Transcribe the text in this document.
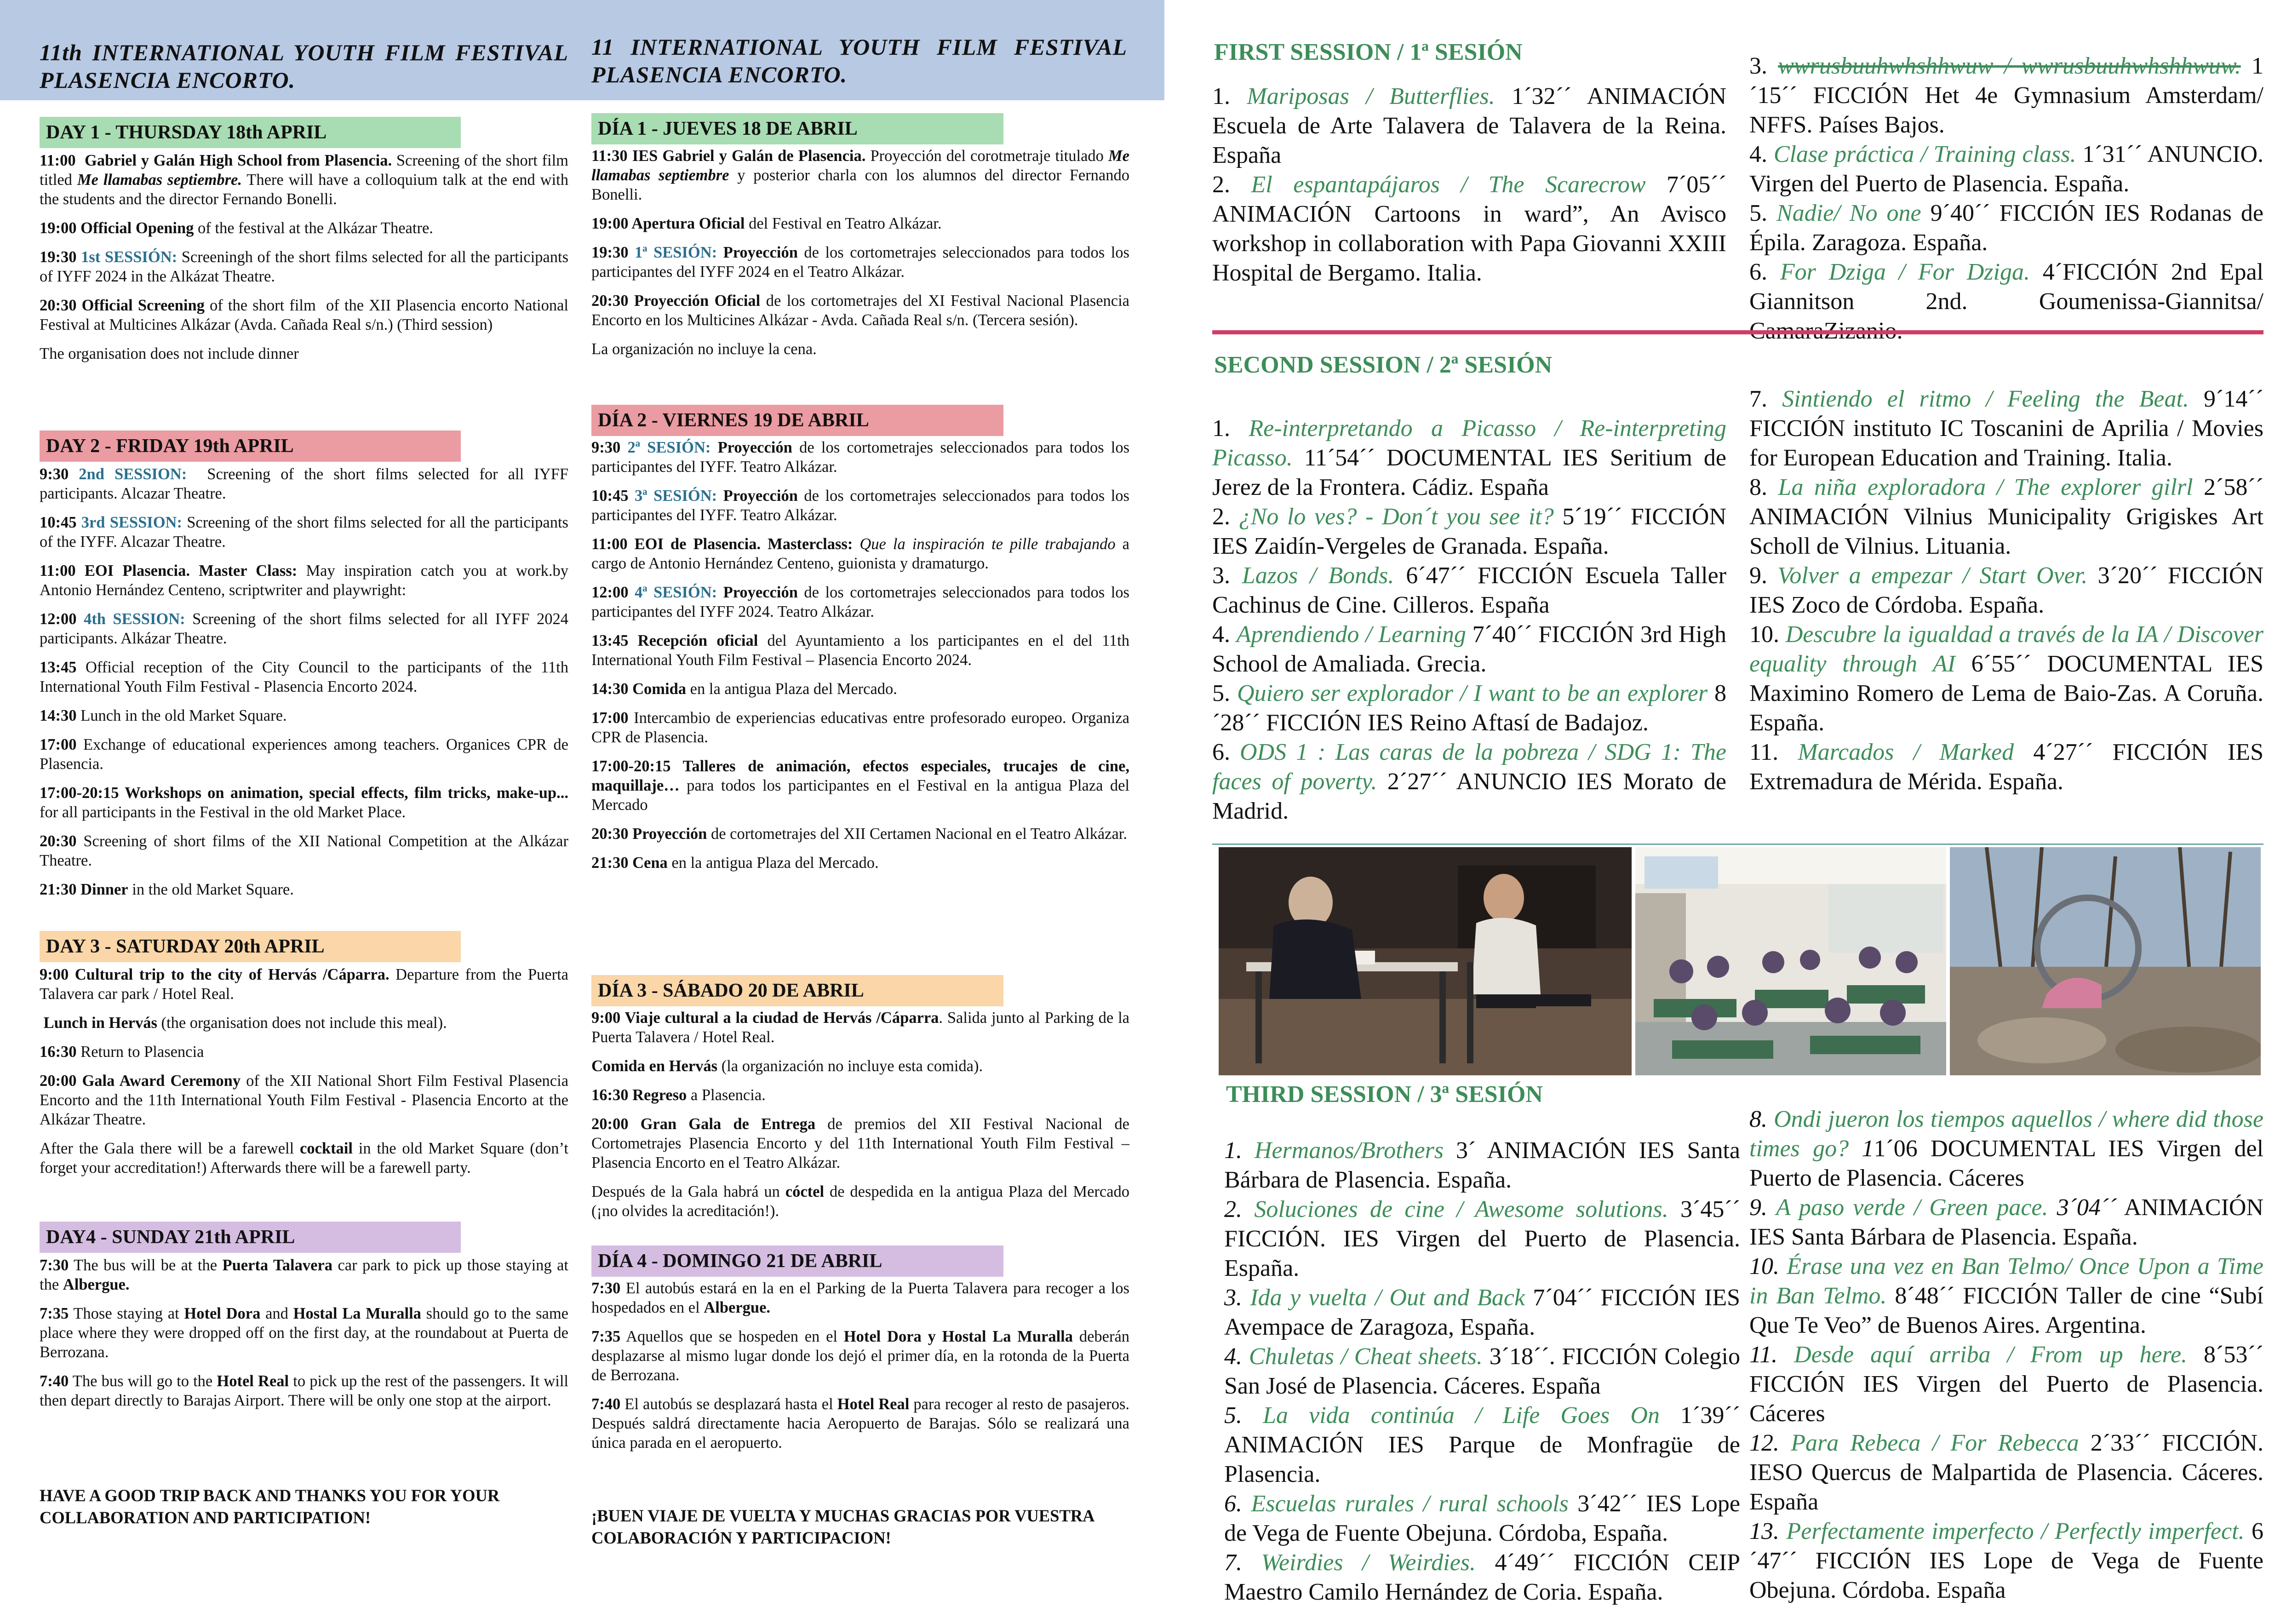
11th INTERNATIONAL YOUTH FILM FESTIVAL
PLASENCIA ENCORTO.
DAY 1 - THURSDAY 18th APRIL

11:00  Gabriel y Galán High School from Plasencia. Screening of the short film titled Me llamabas septiembre. There will have a colloquium talk at the end with the students and the director Fernando Bonelli.

19:00 Official Opening of the festival at the Alkázar Theatre.

19:30 1st SESSIÓN: Screeningh of the short films selected for all the participants of IYFF 2024 in the Alkázat Theatre.

20:30 Official Screening of the short film  of the XII Plasencia encorto National Festival at Multicines Alkázar (Avda. Cañada Real s/n.) (Third session)

The organisation does not include dinner

DAY 2 - FRIDAY 19th APRIL

9:30 2nd SESSION:  Screening of the short films selected for all IYFF participants. Alcazar Theatre.

10:45 3rd SESSION: Screening of the short films selected for all the participants of the IYFF. Alcazar Theatre.

11:00 EOI Plasencia. Master Class: May inspiration catch you at work.by Antonio Hernández Centeno, scriptwriter and playwright:

12:00 4th SESSION: Screening of the short films selected for all IYFF 2024 participants. Alkázar Theatre.

13:45 Official reception of the City Council to the participants of the 11th International Youth Film Festival - Plasencia Encorto 2024.

14:30 Lunch in the old Market Square.

17:00 Exchange of educational experiences among teachers. Organices CPR de Plasencia.

17:00-20:15 Workshops on animation, special effects, film tricks, make-up... for all participants in the Festival in the old Market Place.

20:30 Screening of short films of the XII National Competition at the Alkázar Theatre.

21:30 Dinner in the old Market Square.

DAY 3 - SATURDAY 20th APRIL

9:00 Cultural trip to the city of Hervás /Cáparra. Departure from the Puerta Talavera car park / Hotel Real.

Lunch in Hervás (the organisation does not include this meal).

16:30 Return to Plasencia

20:00 Gala Award Ceremony of the XII National Short Film Festival Plasencia Encorto and the 11th International Youth Film Festival - Plasencia Encorto at the Alkázar Theatre.

After the Gala there will be a farewell cocktail in the old Market Square (don’t forget your accreditation!) Afterwards there will be a farewell party.

DAY4 - SUNDAY 21th APRIL

7:30 The bus will be at the Puerta Talavera car park to pick up those staying at the Albergue.

7:35 Those staying at Hotel Dora and Hostal La Muralla should go to the same place where they were dropped off on the first day, at the roundabout at Puerta de Berrozana.

7:40 The bus will go to the Hotel Real to pick up the rest of the passengers. It will then depart directly to Barajas Airport. There will be only one stop at the airport.

HAVE A GOOD TRIP BACK AND THANKS YOU FOR YOUR COLLABORATION AND PARTICIPATION!
11 INTERNATIONAL YOUTH FILM FESTIVAL
PLASENCIA ENCORTO.
DÍA 1 - JUEVES 18 DE ABRIL

11:30 IES Gabriel y Galán de Plasencia. Proyección del corotmetraje titulado Me llamabas septiembre y posterior charla con los alumnos del director Fernando Bonelli.

19:00 Apertura Oficial del Festival en Teatro Alkázar.

19:30 1ª SESIÓN: Proyección de los cortometrajes seleccionados para todos los participantes del IYFF 2024 en el Teatro Alkázar.

20:30 Proyección Oficial de los cortometrajes del XI Festival Nacional Plasencia Encorto en los Multicines Alkázar - Avda. Cañada Real s/n. (Tercera sesión).

La organización no incluye la cena.

DÍA 2 - VIERNES 19 DE ABRIL

9:30 2ª SESIÓN: Proyección de los cortometrajes seleccionados para todos los participantes del IYFF. Teatro Alkázar.

10:45 3ª SESIÓN: Proyección de los cortometrajes seleccionados para todos los participantes del IYFF. Teatro Alkázar.

11:00 EOI de Plasencia. Masterclass: Que la inspiración te pille trabajando a cargo de Antonio Hernández Centeno, guionista y dramaturgo.

12:00 4ª SESIÓN: Proyección de los cortometrajes seleccionados para todos los participantes del IYFF 2024. Teatro Alkázar.

13:45 Recepción oficial del Ayuntamiento a los participantes en el del 11th International Youth Film Festival – Plasencia Encorto 2024.

14:30 Comida en la antigua Plaza del Mercado.

17:00 Intercambio de experiencias educativas entre profesorado europeo. Organiza CPR de Plasencia.

17:00-20:15 Talleres de animación, efectos especiales, trucajes de cine, maquillaje… para todos los participantes en el Festival en la antigua Plaza del Mercado

20:30 Proyección de cortometrajes del XII Certamen Nacional en el Teatro Alkázar.

21:30 Cena en la antigua Plaza del Mercado.

DÍA 3 - SÁBADO 20 DE ABRIL

9:00 Viaje cultural a la ciudad de Hervás /Cáparra. Salida junto al Parking de la Puerta Talavera / Hotel Real.

Comida en Hervás (la organización no incluye esta comida).

16:30 Regreso a Plasencia.

20:00 Gran Gala de Entrega de premios del XII Festival Nacional de Cortometrajes Plasencia Encorto y del 11th International Youth Film Festival – Plasencia Encorto en el Teatro Alkázar.

Después de la Gala habrá un cóctel de despedida en la antigua Plaza del Mercado (¡no olvides la acreditación!).

DÍA 4 - DOMINGO 21 DE ABRIL

7:30 El autobús estará en la en el Parking de la Puerta Talavera para recoger a los hospedados en el Albergue.

7:35 Aquellos que se hospeden en el Hotel Dora y Hostal La Muralla deberán desplazarse al mismo lugar donde los dejó el primer día, en la rotonda de la Puerta de Berrozana.

7:40 El autobús se desplazará hasta el Hotel Real para recoger al resto de pasajeros. Después saldrá directamente hacia Aeropuerto de Barajas. Sólo se realizará una única parada en el aeropuerto.

¡BUEN VIAJE DE VUELTA Y MUCHAS GRACIAS POR VUESTRA COLABORACIÓN Y PARTICIPACION!
FIRST SESSION / 1ª SESIÓN

1. Mariposas / Butterflies. 1´32´´ ANIMACIÓN Escuela de Arte Talavera de Talavera de la Reina. España

2. El espantapájaros / The Scarecrow 7´05´´ ANIMACIÓN Cartoons in ward”, An Avisco workshop in collaboration with Papa Giovanni XXIII Hospital de Bergamo. Italia.

3. wwrusbuuhwhshhwuw / wwrusbuuhwhshhwuw. 1´15´´ FICCIÓN Het 4e Gymnasium Amsterdam/ NFFS. Países Bajos.

4. Clase práctica / Training class. 1´31´´ ANUNCIO. Virgen del Puerto de Plasencia. España.

5. Nadie/ No one 9´40´´ FICCIÓN IES Rodanas de Épila. Zaragoza. España.

6. For Dziga / For Dziga. 4´FICCIÓN 2nd Epal Giannitson 2nd. Goumenissa-Giannitsa/

SECOND SESSION / 2ª SESIÓN

1. Re-interpretando a Picasso / Re-interpreting Picasso. 11´54´´ DOCUMENTAL IES Seritium de Jerez de la Frontera. Cádiz. España

2. ¿No lo ves? - Don´t you see it? 5´19´´ FICCIÓN IES Zaidín-Vergeles de Granada. España.

3. Lazos / Bonds. 6´47´´ FICCIÓN Escuela Taller Cachinus de Cine. Cilleros. España

4. Aprendiendo / Learning 7´40´´ FICCIÓN 3rd High School de Amaliada. Grecia.

5. Quiero ser explorador / I want to be an explorer 8´28´´ FICCIÓN IES Reino Aftasí de Badajoz.

6. ODS 1 : Las caras de la pobreza / SDG 1: The faces of poverty. 2´27´´ ANUNCIO IES Morato de Madrid.

7. Sintiendo el ritmo / Feeling the Beat. 9´14´´ FICCIÓN instituto IC Toscanini de Aprilia / Movies for European Education and Training. Italia.

8. La niña exploradora / The explorer gilrl 2´58´´ ANIMACIÓN Vilnius Municipality Grigiskes Art Scholl de Vilnius. Lituania.

9. Volver a empezar / Start Over. 3´20´´ FICCIÓN IES Zoco de Córdoba. España.

10. Descubre la igualdad a través de la IA / Discover equality through AI 6´55´´ DOCUMENTAL IES Maximino Romero de Lema de Baio-Zas. A Coruña. España.

11. Marcados / Marked 4´27´´ FICCIÓN IES Extremadura de Mérida. España.

THIRD SESSION / 3ª SESIÓN

1. Hermanos/Brothers 3´ ANIMACIÓN IES Santa Bárbara de Plasencia. España.

2. Soluciones de cine / Awesome solutions. 3´45´´ FICCIÓN. IES Virgen del Puerto de Plasencia. España.

3. Ida y vuelta / Out and Back 7´04´´ FICCIÓN IES Avempace de Zaragoza, España.

4. Chuletas / Cheat sheets. 3´18´´. FICCIÓN Colegio San José de Plasencia. Cáceres. España

5. La vida continúa / Life Goes On 1´39´´ ANIMACIÓN IES Parque de Monfragüe de Plasencia.

6. Escuelas rurales / rural schools 3´42´´ IES Lope de Vega de Fuente Obejuna. Córdoba, España.

7. Weirdies / Weirdies. 4´49´´ FICCIÓN CEIP Maestro Camilo Hernández de Coria. España.

8. Ondi jueron los tiempos aquellos / where did those times go? 11´06 DOCUMENTAL IES Virgen del Puerto de Plasencia. Cáceres

9. A paso verde / Green pace. 3´04´´ ANIMACIÓN IES Santa Bárbara de Plasencia. España.

10. Érase una vez en Ban Telmo/ Once Upon a Time in Ban Telmo. 8´48´´ FICCIÓN Taller de cine “Subí Que Te Veo” de Buenos Aires. Argentina.

11. Desde aquí arriba / From up here. 8´53´´ FICCIÓN IES Virgen del Puerto de Plasencia. Cáceres

12. Para Rebeca / For Rebecca 2´33´´ FICCIÓN. IESO Quercus de Malpartida de Plasencia. Cáceres. España

13. Perfectamente imperfecto / Perfectly imperfect. 6´47´´ FICCIÓN IES Lope de Vega de Fuente Obejuna. Córdoba. España
